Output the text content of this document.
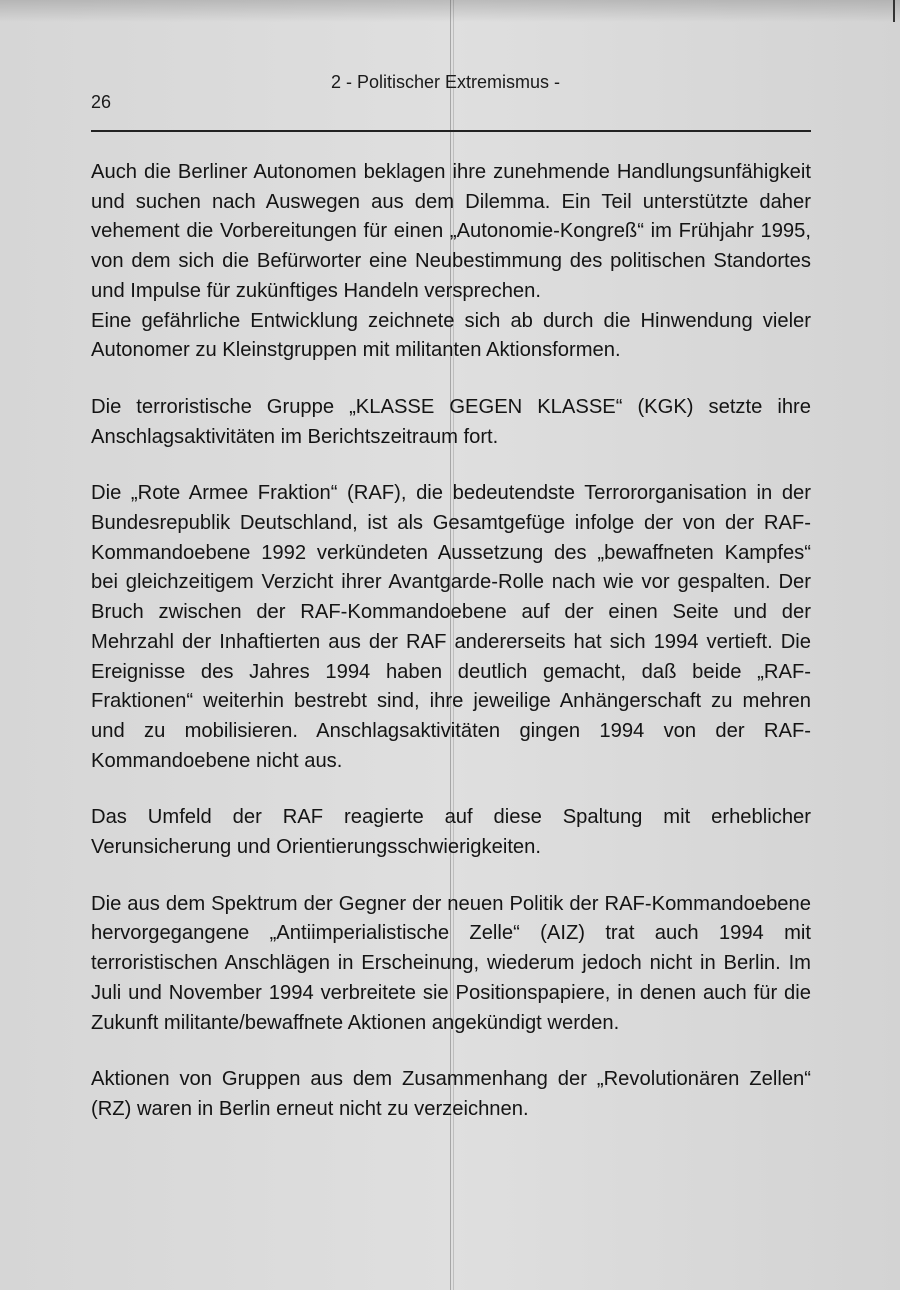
26
2 - Politischer Extremismus -

Auch die Berliner Autonomen beklagen ihre zunehmende Handlungsunfähigkeit und suchen nach Auswegen aus dem Dilemma. Ein Teil unterstützte daher vehement die Vorbereitungen für einen „Autonomie-Kongreß“ im Frühjahr 1995, von dem sich die Befürworter eine Neubestimmung des politischen Standortes und Impulse für zukünftiges Handeln versprechen.

Eine gefährliche Entwicklung zeichnete sich ab durch die Hinwendung vieler Autonomer zu Kleinstgruppen mit militanten Aktionsformen.

Die terroristische Gruppe „KLASSE GEGEN KLASSE“ (KGK) setzte ihre Anschlagsaktivitäten im Berichtszeitraum fort.

Die „Rote Armee Fraktion“ (RAF), die bedeutendste Terrororganisation in der Bundesrepublik Deutschland, ist als Gesamtgefüge infolge der von der RAF-Kommandoebene 1992 verkündeten Aussetzung des „bewaffneten Kampfes“ bei gleichzeitigem Verzicht ihrer Avantgarde-Rolle nach wie vor gespalten. Der Bruch zwischen der RAF-Kommandoebene auf der einen Seite und der Mehrzahl der Inhaftierten aus der RAF andererseits hat sich 1994 vertieft. Die Ereignisse des Jahres 1994 haben deutlich gemacht, daß beide „RAF-Fraktionen“ weiterhin bestrebt sind, ihre jeweilige Anhängerschaft zu mehren und zu mobilisieren. Anschlagsaktivitäten gingen 1994 von der RAF-Kommandoebene nicht aus.

Das Umfeld der RAF reagierte auf diese Spaltung mit erheblicher Verunsicherung und Orientierungsschwierigkeiten.

Die aus dem Spektrum der Gegner der neuen Politik der RAF-Kommandoebene hervorgegangene „Antiimperialistische Zelle“ (AIZ) trat auch 1994 mit terroristischen Anschlägen in Erscheinung, wiederum jedoch nicht in Berlin. Im Juli und November 1994 verbreitete sie Positionspapiere, in denen auch für die Zukunft militante/bewaffnete Aktionen angekündigt werden.

Aktionen von Gruppen aus dem Zusammenhang der „Revolutionären Zellen“ (RZ) waren in Berlin erneut nicht zu verzeichnen.
